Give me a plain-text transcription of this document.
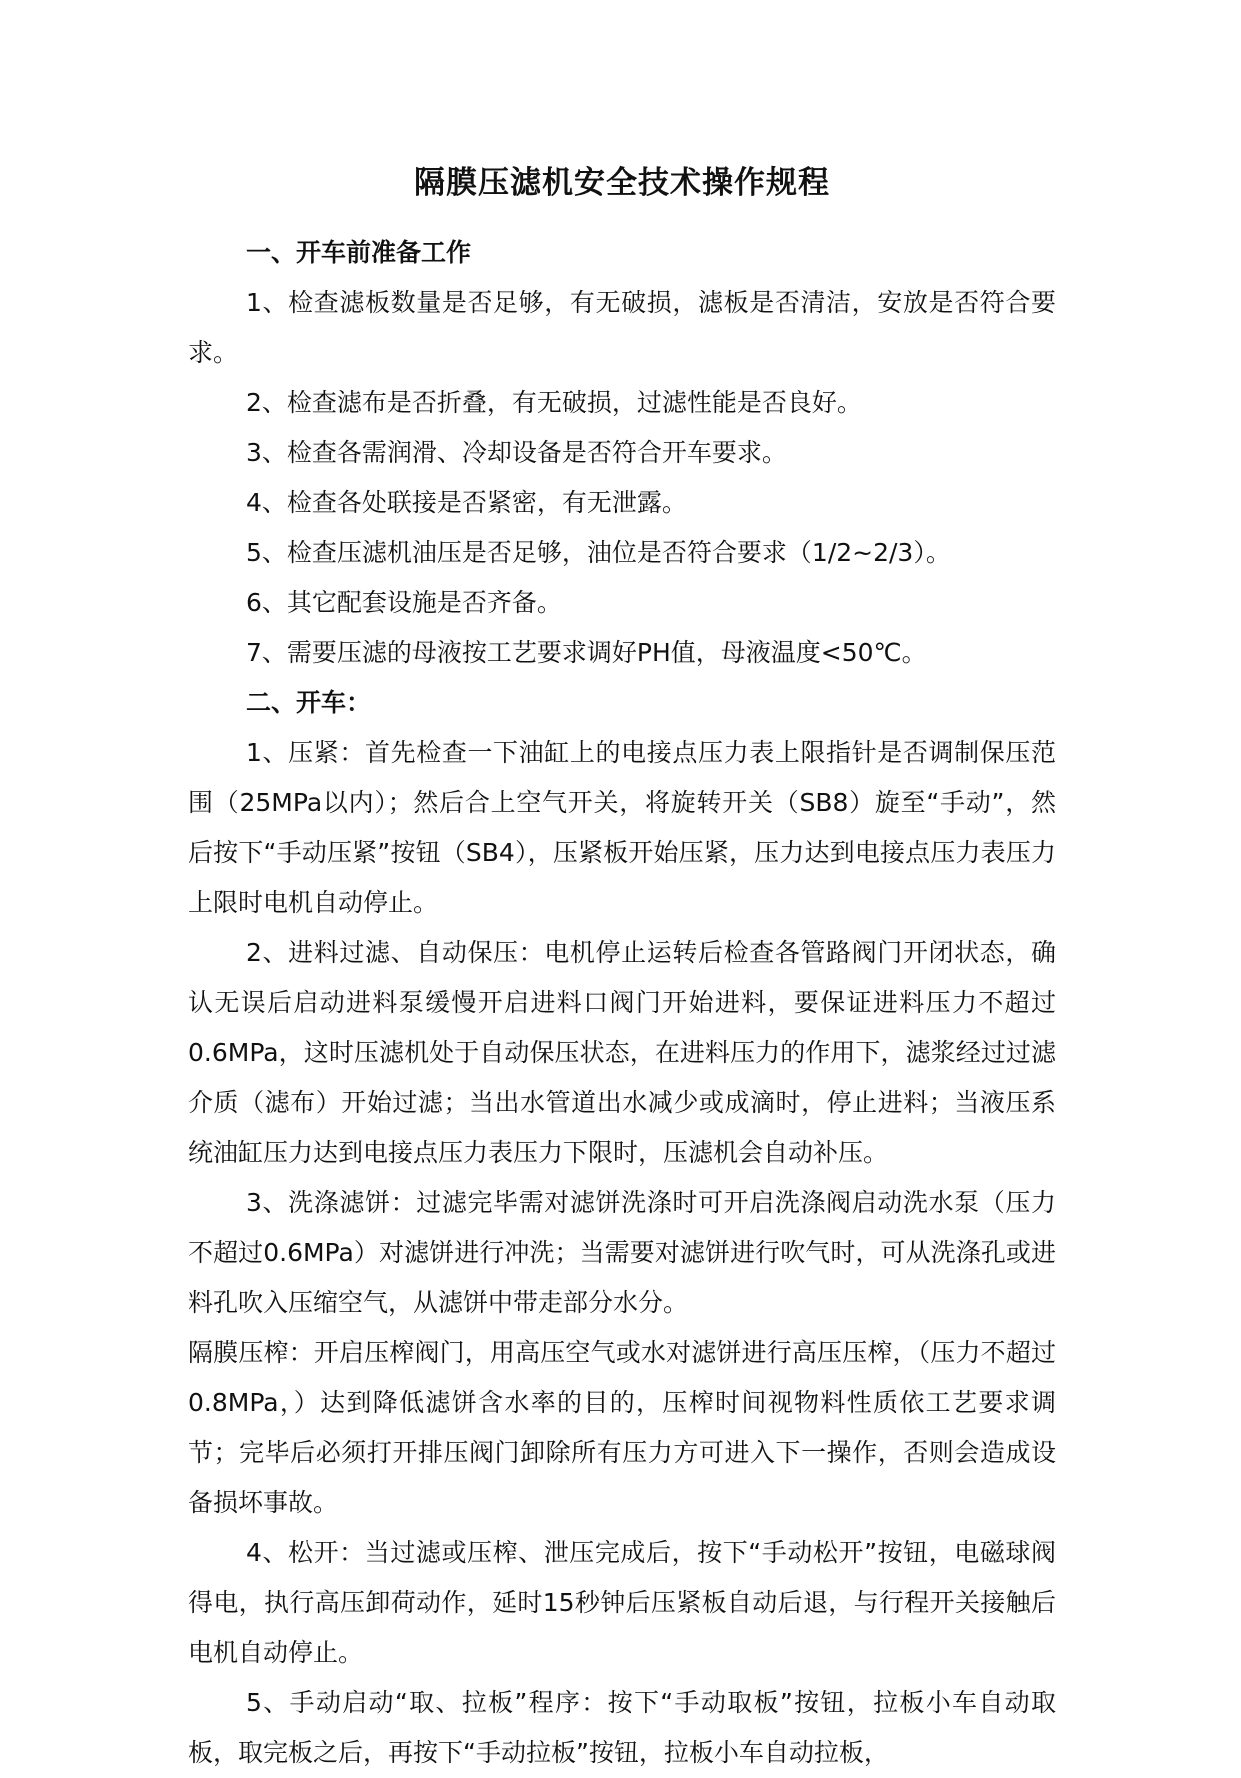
隔膜压滤机安全技术操作规程
一、开车前准备工作

1、检查滤板数量是否足够，有无破损，滤板是否清洁，安放是否符合要求。

2、检查滤布是否折叠，有无破损，过滤性能是否良好。

3、检查各需润滑、冷却设备是否符合开车要求。

4、检查各处联接是否紧密，有无泄露。

5、检查压滤机油压是否足够，油位是否符合要求（1/2~2/3）。

6、其它配套设施是否齐备。

7、需要压滤的母液按工艺要求调好PH值，母液温度<50℃。

二、开车：

1、压紧：首先检查一下油缸上的电接点压力表上限指针是否调制保压范围（25MPa以内）；然后合上空气开关，将旋转开关（SB8）旋至“手动”，然后按下“手动压紧”按钮（SB4），压紧板开始压紧，压力达到电接点压力表压力上限时电机自动停止。

2、进料过滤、自动保压：电机停止运转后检查各管路阀门开闭状态，确认无误后启动进料泵缓慢开启进料口阀门开始进料，要保证进料压力不超过0.6MPa，这时压滤机处于自动保压状态，在进料压力的作用下，滤浆经过过滤介质（滤布）开始过滤；当出水管道出水减少或成滴时，停止进料；当液压系统油缸压力达到电接点压力表压力下限时，压滤机会自动补压。

3、洗涤滤饼：过滤完毕需对滤饼洗涤时可开启洗涤阀启动洗水泵（压力不超过0.6MPa）对滤饼进行冲洗；当需要对滤饼进行吹气时，可从洗涤孔或进料孔吹入压缩空气，从滤饼中带走部分水分。

隔膜压榨：开启压榨阀门，用高压空气或水对滤饼进行高压压榨，（压力不超过0.8MPa，）达到降低滤饼含水率的目的，压榨时间视物料性质依工艺要求调节；完毕后必须打开排压阀门卸除所有压力方可进入下一操作，否则会造成设备损坏事故。

4、松开：当过滤或压榨、泄压完成后，按下“手动松开”按钮，电磁球阀得电，执行高压卸荷动作，延时15秒钟后压紧板自动后退，与行程开关接触后电机自动停止。

5、手动启动“取、拉板”程序：按下“手动取板”按钮，拉板小车自动取板，取完板之后，再按下“手动拉板”按钮，拉板小车自动拉板，
